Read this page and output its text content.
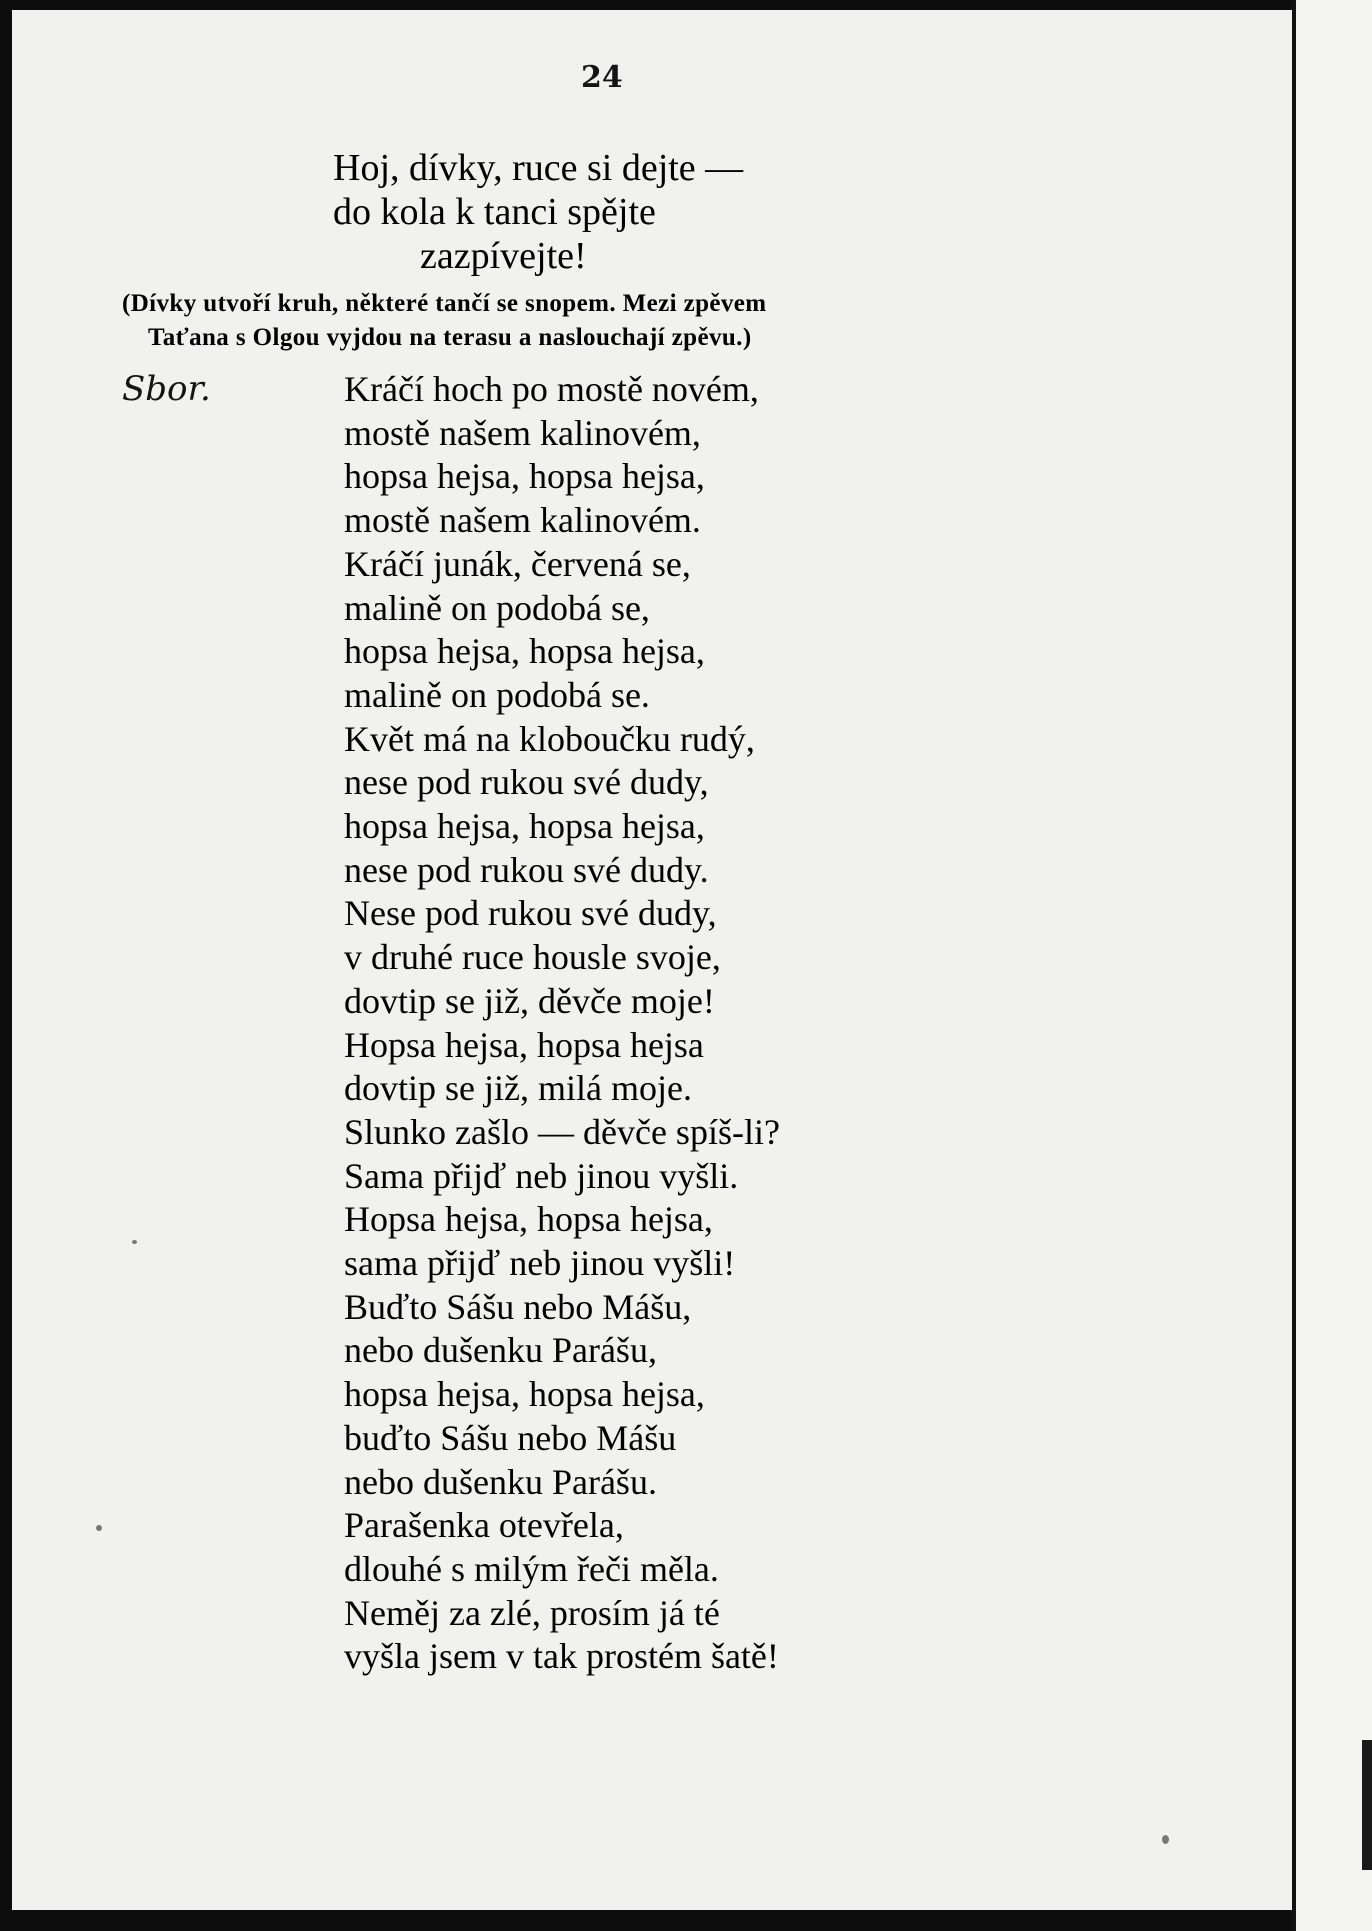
24
Hoj, dívky, ruce si dejte —
do kola k tanci spějte
zazpívejte!
(Dívky utvoří kruh, některé tančí se snopem. Mezi zpěvem
Taťana s Olgou vyjdou na terasu a naslouchají zpěvu.)
Sbor.	Kráčí hoch po mostě novém,
mostě našem kalinovém,
hopsa hejsa, hopsa hejsa,
mostě našem kalinovém.
Kráčí junák, červená se,
malině on podobá se,
hopsa hejsa, hopsa hejsa,
malině on podobá se.
Květ má na kloboučku rudý,
nese pod rukou své dudy,
hopsa hejsa, hopsa hejsa,
nese pod rukou své dudy.
Nese pod rukou své dudy,
v druhé ruce housle svoje,
dovtip se již, děvče moje!
Hopsa hejsa, hopsa hejsa
dovtip se již, milá moje.
Slunko zašlo — děvče spíš-li?
Sama přijď neb jinou vyšli.
Hopsa hejsa, hopsa hejsa,
sama přijď neb jinou vyšli!
Buďto Sášu nebo Mášu,
nebo dušenku Parášu,
hopsa hejsa, hopsa hejsa,
buďto Sášu nebo Mášu
nebo dušenku Parášu.
Parašenka otevřela,
dlouhé s milým řeči měla.
Neměj za zlé, prosím já té
vyšla jsem v tak prostém šatě!
